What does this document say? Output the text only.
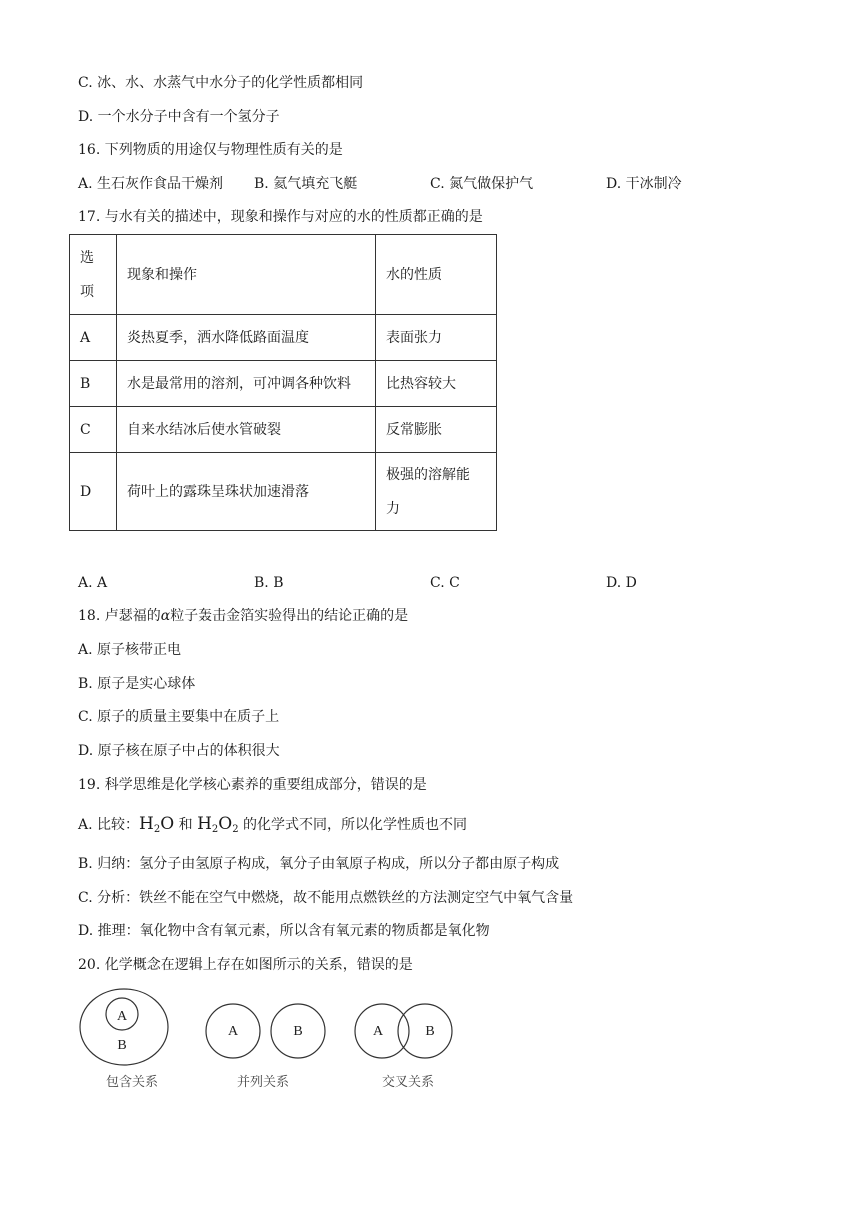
C. 冰、水、水蒸气中水分子的化学性质都相同
D. 一个水分子中含有一个氢分子
16. 下列物质的用途仅与物理性质有关的是
A. 生石灰作食品干燥剂 B. 氦气填充飞艇	C. 氮气做保护气	D. 干冰制冷
17. 与水有关的描述中，现象和操作与对应的水的性质都正确的是
选
项	现象和操作	水的性质
A	炎热夏季，洒水降低路面温度	表面张力
B	水是最常用的溶剂，可冲调各种饮料	比热容较大
C	自来水结冰后使水管破裂	反常膨胀
D	荷叶上的露珠呈珠状加速滑落	极强的溶解能
力
A. A	B. B	C. C	D. D
18. 卢瑟福的α粒子轰击金箔实验得出的结论正确的是
A. 原子核带正电
B. 原子是实心球体
C. 原子的质量主要集中在质子上
D. 原子核在原子中占的体积很大
19. 科学思维是化学核心素养的重要组成部分，错误的是
A. 比较：$H_2O$ 和 $H_2O_2$ 的化学式不同，所以化学性质也不同
B. 归纳：氢分子由氢原子构成，氧分子由氧原子构成，所以分子都由原子构成
C. 分析：铁丝不能在空气中燃烧，故不能用点燃铁丝的方法测定空气中氧气含量
D. 推理：氧化物中含有氧元素，所以含有氧元素的物质都是氧化物
20. 化学概念在逻辑上存在如图所示的关系，错误的是
A
B
A	B	A	B
包含关系	并列关系	交叉关系
